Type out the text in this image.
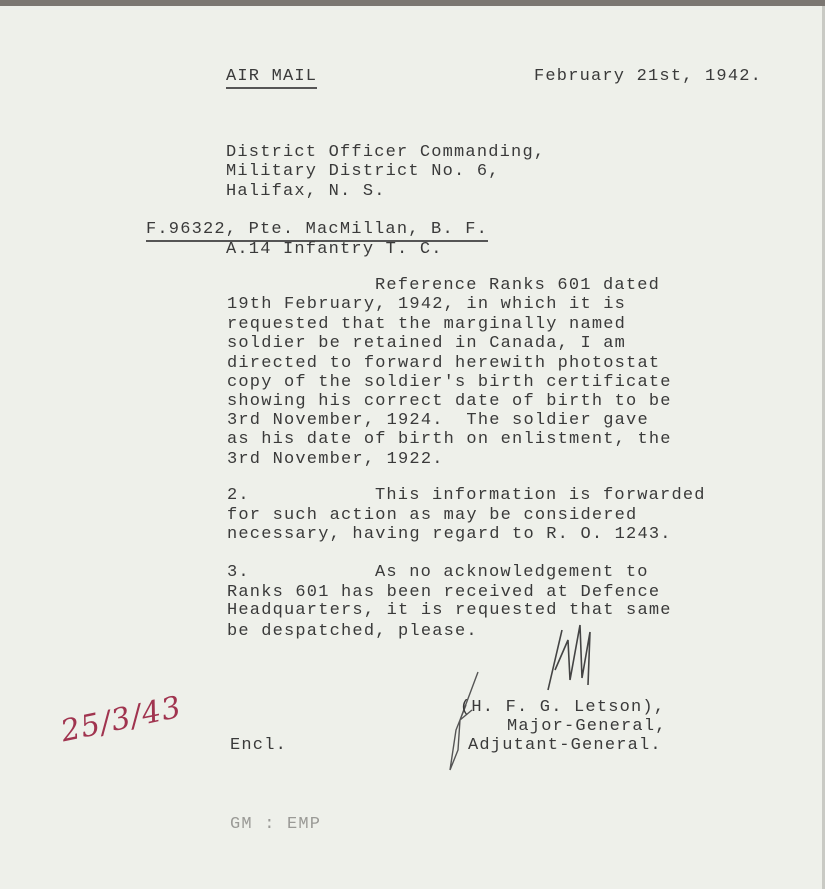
AIR MAIL	February 21st, 1942.
District Officer Commanding,
Military District No. 6,
Halifax, N. S.
F.96322, Pte. MacMillan, B. F.
A.14 Infantry T. C.
Reference Ranks 601 dated
19th February, 1942, in which it is
requested that the marginally named
soldier be retained in Canada, I am
directed to forward herewith photostat
copy of the soldier's birth certificate
showing his correct date of birth to be
3rd November, 1924.  The soldier gave
as his date of birth on enlistment, the
3rd November, 1922.
2.	This information is forwarded
for such action as may be considered
necessary, having regard to R. O. 1243.
3.	As no acknowledgement to
Ranks 601 has been received at Defence
Headquarters, it is requested that same
be despatched, please.
(H. F. G. Letson),
Major-General,
Adjutant-General.
Encl.
GM : EMP
25/3/43
